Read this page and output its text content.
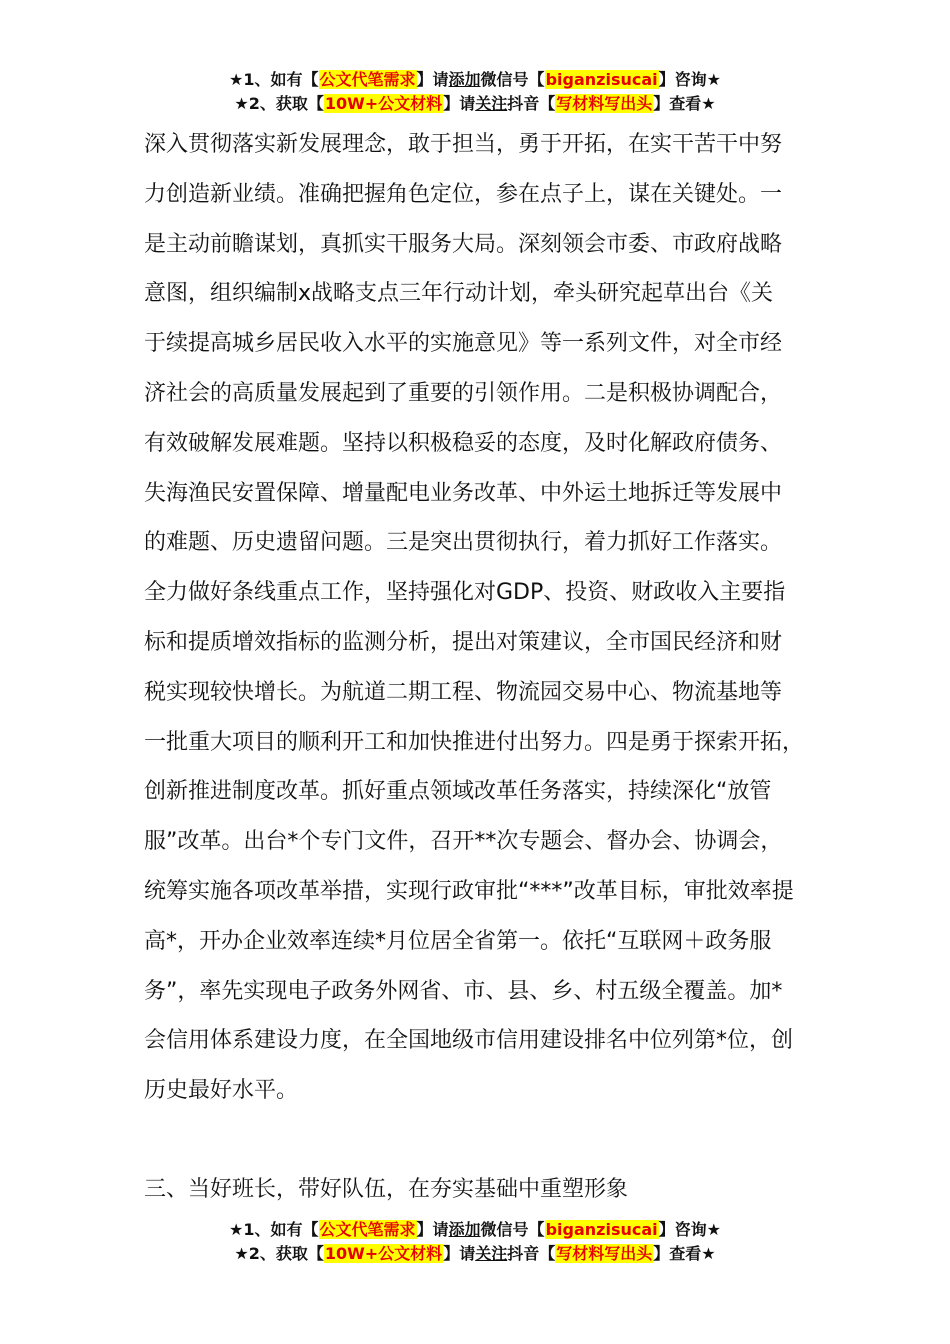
★1、如有【公文代笔需求】请添加微信号【biganzisucai】咨询★
★2、获取【10W+公文材料】请关注抖音【写材料写出头】查看★
深入贯彻落实新发展理念，敢于担当，勇于开拓，在实干苦干中努
力创造新业绩。准确把握角色定位，参在点子上，谋在关键处。一
是主动前瞻谋划，真抓实干服务大局。深刻领会市委、市政府战略
意图，组织编制x战略支点三年行动计划，牵头研究起草出台《关
于续提高城乡居民收入水平的实施意见》等一系列文件，对全市经
济社会的高质量发展起到了重要的引领作用。二是积极协调配合，
有效破解发展难题。坚持以积极稳妥的态度，及时化解政府债务、
失海渔民安置保障、增量配电业务改革、中外运土地拆迁等发展中
的难题、历史遗留问题。三是突出贯彻执行，着力抓好工作落实。
全力做好条线重点工作，坚持强化对GDP、投资、财政收入主要指
标和提质增效指标的监测分析，提出对策建议，全市国民经济和财
税实现较快增长。为航道二期工程、物流园交易中心、物流基地等
一批重大项目的顺利开工和加快推进付出努力。四是勇于探索开拓，
创新推进制度改革。抓好重点领域改革任务落实，持续深化“放管
服”改革。出台*个专门文件，召开**次专题会、督办会、协调会，
统筹实施各项改革举措，实现行政审批“***”改革目标，审批效率提
高*，开办企业效率连续*月位居全省第一。依托“互联网＋政务服
务”，率先实现电子政务外网省、市、县、乡、村五级全覆盖。加*
会信用体系建设力度，在全国地级市信用建设排名中位列第*位，创
历史最好水平。
三、当好班长，带好队伍，在夯实基础中重塑形象
★1、如有【公文代笔需求】请添加微信号【biganzisucai】咨询★
★2、获取【10W+公文材料】请关注抖音【写材料写出头】查看★
